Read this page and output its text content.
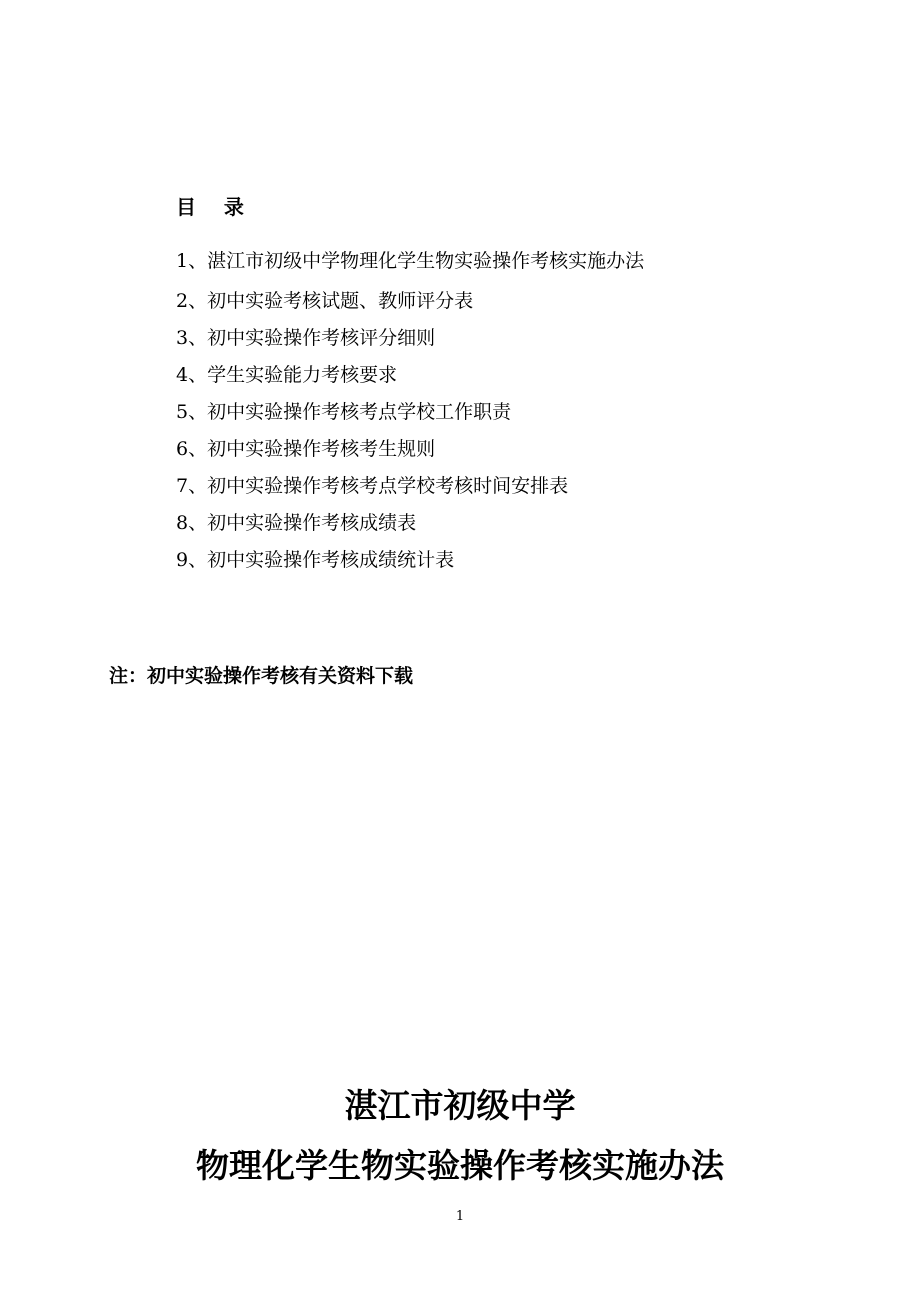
目    录
1、湛江市初级中学物理化学生物实验操作考核实施办法
2、初中实验考核试题、教师评分表
3、初中实验操作考核评分细则
4、学生实验能力考核要求
5、初中实验操作考核考点学校工作职责
6、初中实验操作考核考生规则
7、初中实验操作考核考点学校考核时间安排表
8、初中实验操作考核成绩表
9、初中实验操作考核成绩统计表
注：初中实验操作考核有关资料下载
湛江市初级中学
物理化学生物实验操作考核实施办法
1
